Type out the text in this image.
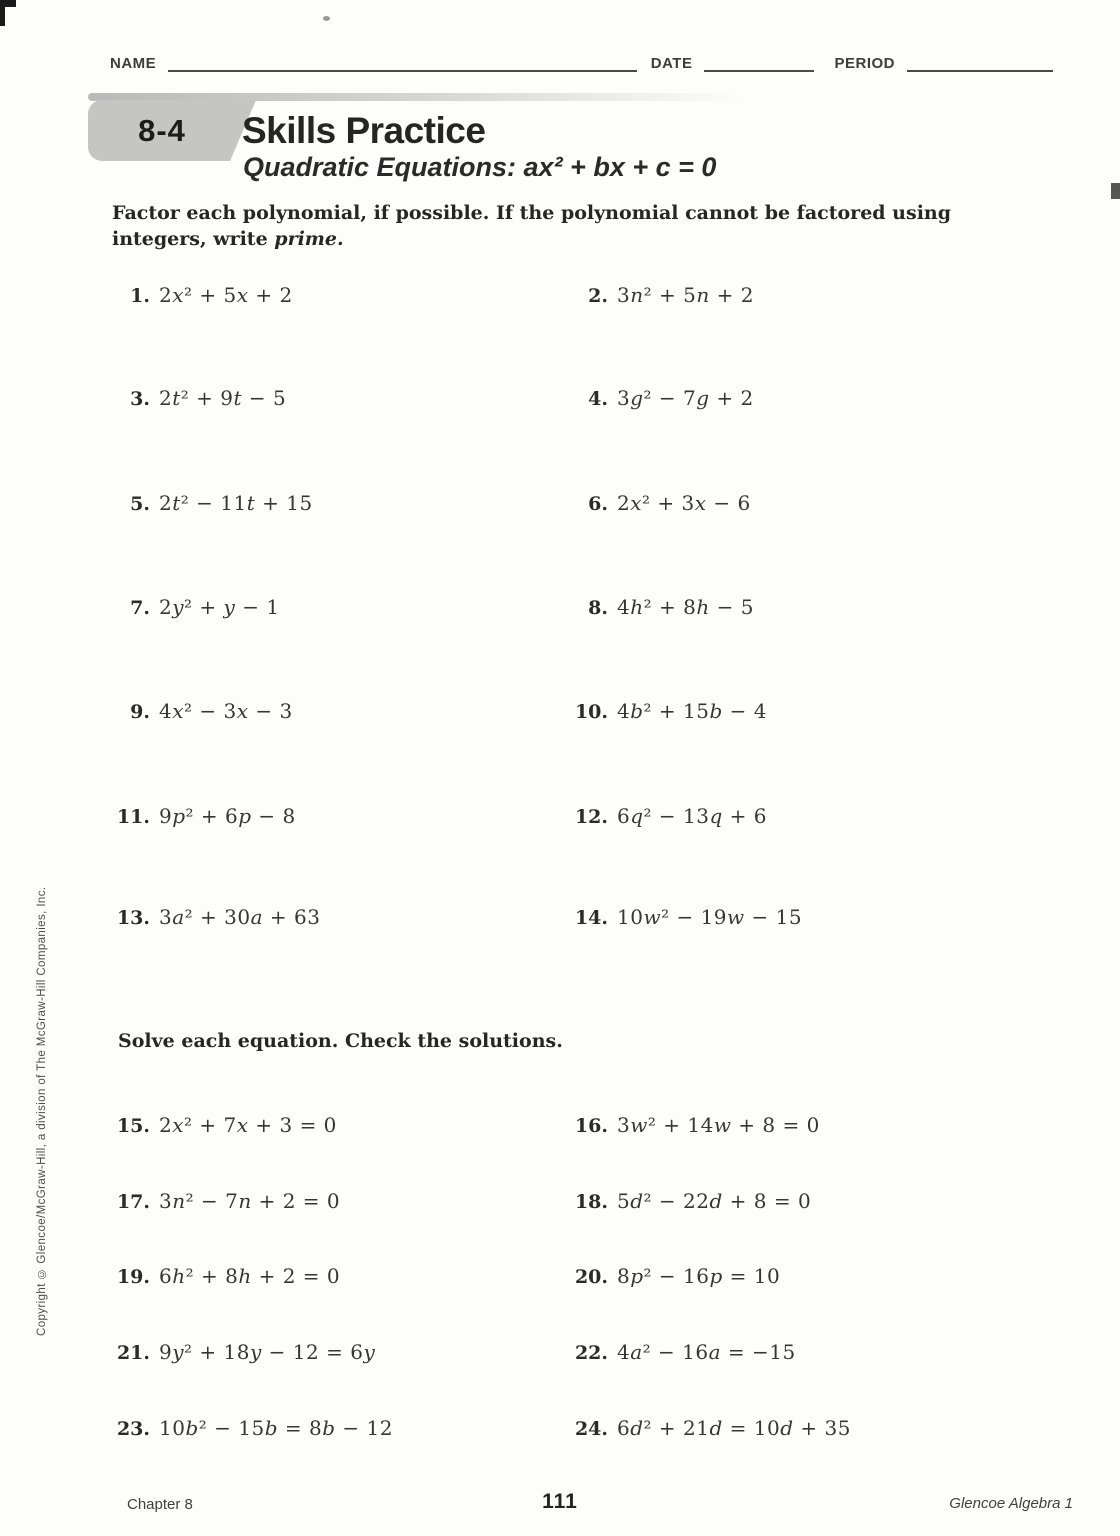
NAME	DATE	PERIOD
8-4	Skills Practice
Quadratic Equations: ax² + bx + c = 0
Factor each polynomial, if possible. If the polynomial cannot be factored using
integers, write prime.
1. 2x² + 5x + 2	2. 3n² + 5n + 2
3. 2t² + 9t − 5	4. 3g² − 7g + 2
5. 2t² − 11t + 15	6. 2x² + 3x − 6
7. 2y² + y − 1	8. 4h² + 8h − 5
9. 4x² − 3x − 3	10. 4b² + 15b − 4
11. 9p² + 6p − 8	12. 6q² − 13q + 6
13. 3a² + 30a + 63	14. 10w² − 19w − 15
Solve each equation. Check the solutions.
15. 2x² + 7x + 3 = 0	16. 3w² + 14w + 8 = 0
17. 3n² − 7n + 2 = 0	18. 5d² − 22d + 8 = 0
19. 6h² + 8h + 2 = 0	20. 8p² − 16p = 10
21. 9y² + 18y − 12 = 6y	22. 4a² − 16a = −15
23. 10b² − 15b = 8b − 12	24. 6d² + 21d = 10d + 35
Copyright © Glencoe/McGraw-Hill, a division of The McGraw-Hill Companies, Inc.
Chapter 8	111	Glencoe Algebra 1
